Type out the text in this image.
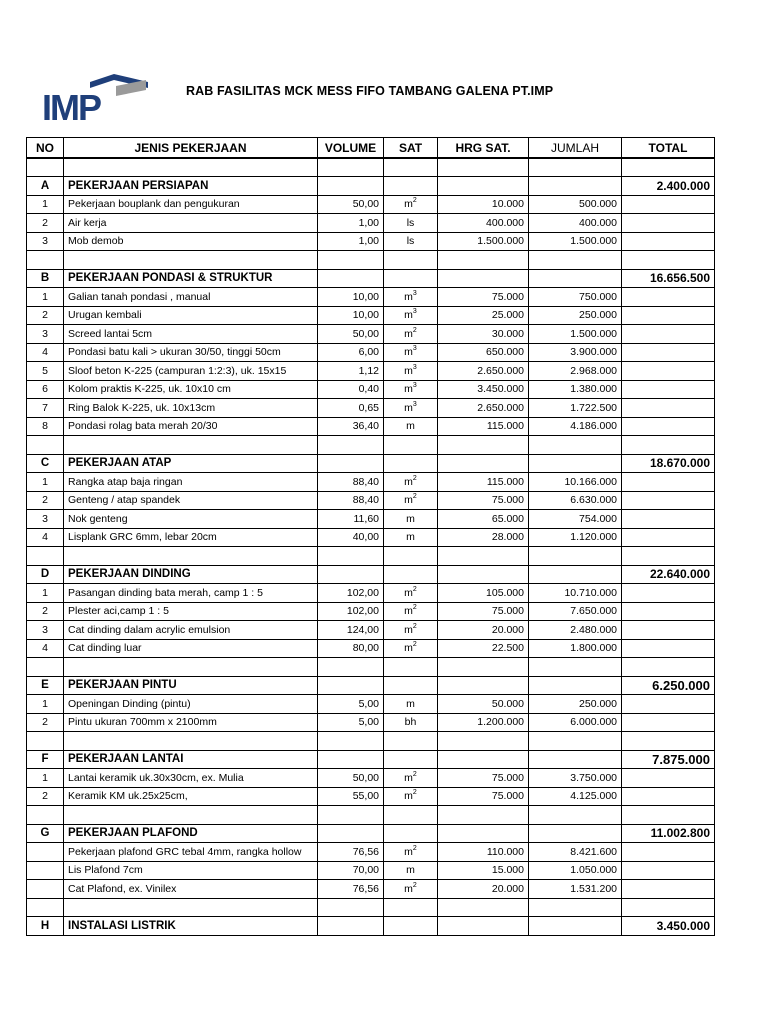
IMP	RAB FASILITAS MCK MESS FIFO TAMBANG GALENA PT.IMP
NO	JENIS PEKERJAAN	VOLUME	SAT	HRG SAT.	JUMLAH	TOTAL

A	PEKERJAAN PERSIAPAN					2.400.000
1	Pekerjaan bouplank dan pengukuran	50,00	$m^2$	10.000	500.000	
2	Air kerja	1,00	ls	400.000	400.000	
3	Mob demob	1,00	ls	1.500.000	1.500.000	

B	PEKERJAAN PONDASI & STRUKTUR					16.656.500
1	Galian tanah pondasi , manual	10,00	$m^3$	75.000	750.000	
2	Urugan kembali	10,00	$m^3$	25.000	250.000	
3	Screed lantai 5cm	50,00	$m^2$	30.000	1.500.000	
4	Pondasi batu kali > ukuran 30/50, tinggi 50cm	6,00	$m^3$	650.000	3.900.000	
5	Sloof beton K-225 (campuran 1:2:3), uk. 15x15	1,12	$m^3$	2.650.000	2.968.000	
6	Kolom praktis K-225, uk. 10x10 cm	0,40	$m^3$	3.450.000	1.380.000	
7	Ring Balok K-225, uk. 10x13cm	0,65	$m^3$	2.650.000	1.722.500	
8	Pondasi rolag bata merah 20/30	36,40	m	115.000	4.186.000	

C	PEKERJAAN ATAP					18.670.000
1	Rangka atap baja ringan	88,40	$m^2$	115.000	10.166.000	
2	Genteng / atap spandek	88,40	$m^2$	75.000	6.630.000	
3	Nok genteng	11,60	m	65.000	754.000	
4	Lisplank GRC 6mm, lebar 20cm	40,00	m	28.000	1.120.000	

D	PEKERJAAN DINDING					22.640.000
1	Pasangan dinding bata merah, camp 1 : 5	102,00	$m^2$	105.000	10.710.000	
2	Plester aci,camp 1 : 5	102,00	$m^2$	75.000	7.650.000	
3	Cat dinding dalam acrylic emulsion	124,00	$m^2$	20.000	2.480.000	
4	Cat dinding luar	80,00	$m^2$	22.500	1.800.000	

E	PEKERJAAN PINTU					6.250.000
1	Openingan Dinding (pintu)	5,00	m	50.000	250.000	
2	Pintu ukuran 700mm x 2100mm	5,00	bh	1.200.000	6.000.000	

F	PEKERJAAN LANTAI					7.875.000
1	Lantai keramik uk.30x30cm, ex. Mulia	50,00	$m^2$	75.000	3.750.000	
2	Keramik KM uk.25x25cm,	55,00	$m^2$	75.000	4.125.000	

G	PEKERJAAN PLAFOND					11.002.800
	Pekerjaan plafond GRC tebal 4mm, rangka hollow	76,56	$m^2$	110.000	8.421.600	
	Lis Plafond 7cm	70,00	m	15.000	1.050.000	
	Cat Plafond, ex. Vinilex	76,56	$m^2$	20.000	1.531.200	

H	INSTALASI LISTRIK					3.450.000
